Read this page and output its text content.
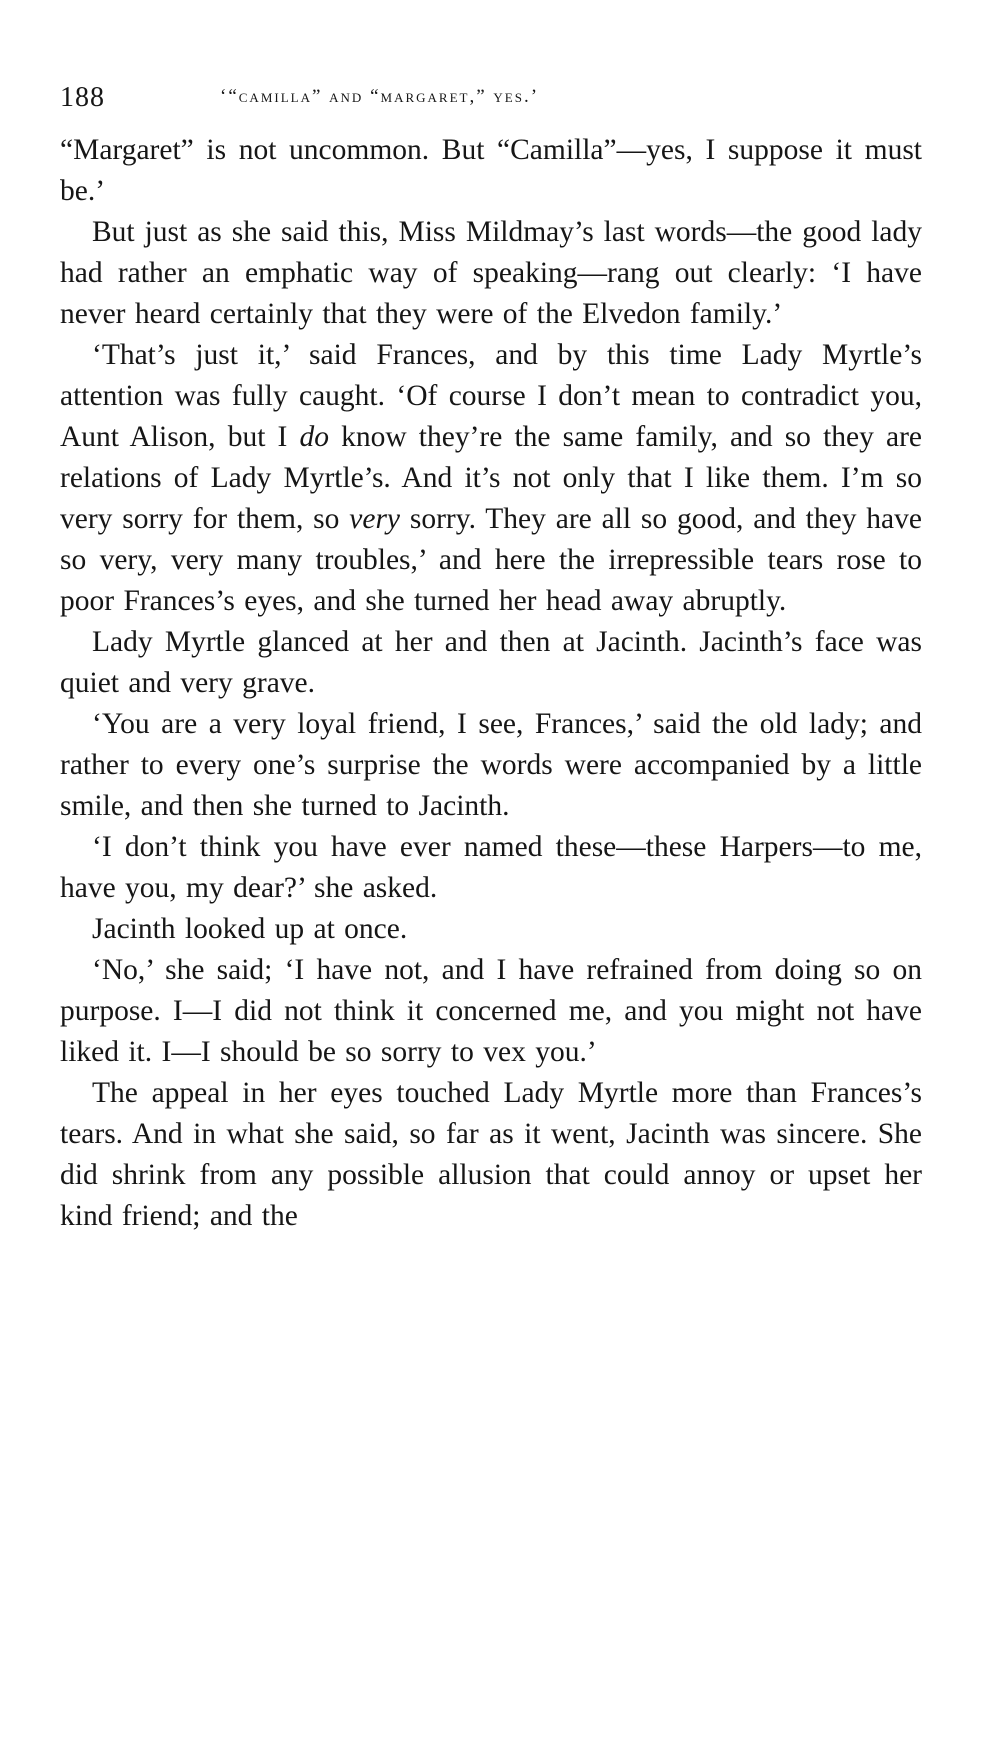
188	‘“camilla” and “margaret,” yes.’

“Margaret” is not uncommon. But “Camilla”—yes, I suppose it must be.’

But just as she said this, Miss Mildmay’s last words—the good lady had rather an emphatic way of speaking—rang out clearly: ‘I have never heard certainly that they were of the Elvedon family.’

‘That’s just it,’ said Frances, and by this time Lady Myrtle’s attention was fully caught. ‘Of course I don’t mean to contradict you, Aunt Alison, but I do know they’re the same family, and so they are relations of Lady Myrtle’s. And it’s not only that I like them. I’m so very sorry for them, so very sorry. They are all so good, and they have so very, very many troubles,’ and here the irrepressible tears rose to poor Frances’s eyes, and she turned her head away abruptly.

Lady Myrtle glanced at her and then at Jacinth. Jacinth’s face was quiet and very grave.

‘You are a very loyal friend, I see, Frances,’ said the old lady; and rather to every one’s surprise the words were accompanied by a little smile, and then she turned to Jacinth.

‘I don’t think you have ever named these—these Harpers—to me, have you, my dear?’ she asked.

Jacinth looked up at once.

‘No,’ she said; ‘I have not, and I have refrained from doing so on purpose. I—I did not think it concerned me, and you might not have liked it. I—I should be so sorry to vex you.’

The appeal in her eyes touched Lady Myrtle more than Frances’s tears. And in what she said, so far as it went, Jacinth was sincere. She did shrink from any possible allusion that could annoy or upset her kind friend; and the
